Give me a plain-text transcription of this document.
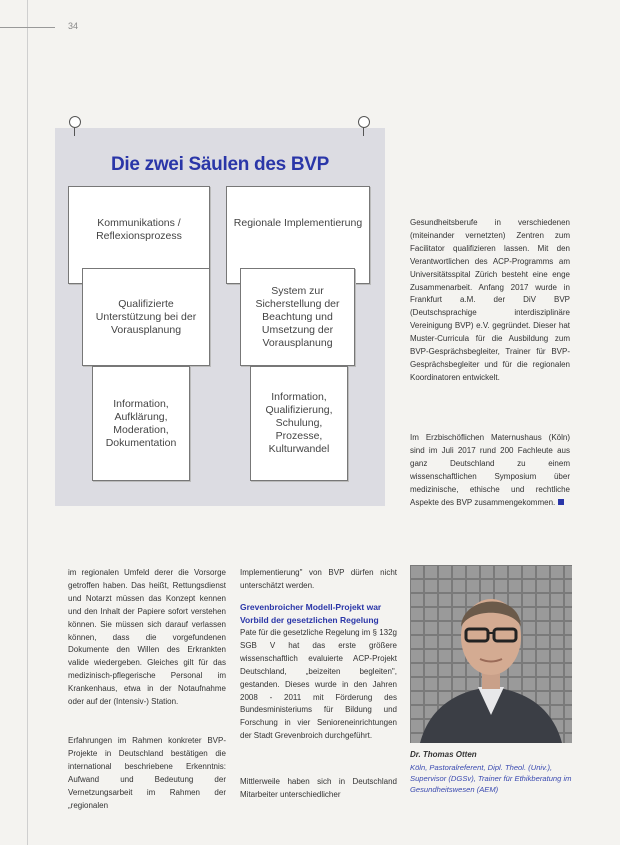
34
Die zwei Säulen des BVP
Kommunikations / Reflexionsprozess
Qualifizierte Unterstützung bei der Vorausplanung
Information, Aufklärung, Moderation, Dokumentation
Regionale Implementierung
System zur Sicherstellung der Beachtung und Umsetzung der Vorausplanung
Information, Qualifizierung, Schulung, Prozesse, Kulturwandel

Gesundheitsberufe in verschiedenen (miteinander vernetzten) Zentren zum Facilitator qualifizieren lassen. Mit den Verantwortlichen des ACP-Programms am Universitätsspital Zürich besteht eine enge Zusammenarbeit. Anfang 2017 wurde in Frankfurt a.M. der DiV BVP (Deutschsprachige interdisziplinäre Vereinigung BVP) e.V. gegründet. Dieser hat Muster-Curricula für die Ausbildung zum BVP-Gesprächsbegleiter, Trainer für BVP-Gesprächsbegleiter und für die regionalen Koordinatoren entwickelt.

Im Erzbischöflichen Maternushaus (Köln) sind im Juli 2017 rund 200 Fachleute aus ganz Deutschland zu einem wissenschaftlichen Symposium über medizinische, ethische und rechtliche Aspekte des BVP zusammengekommen.

im regionalen Umfeld derer die Vorsorge getroffen haben. Das heißt, Rettungsdienst und Notarzt müssen das Konzept kennen und den Inhalt der Papiere sofort verstehen können. Sie müssen sich darauf verlassen können, dass die vorgefundenen Dokumente den Willen des Erkrankten valide wiedergeben. Gleiches gilt für das medizinisch-pflegerische Personal im Krankenhaus, etwa in der Notaufnahme oder auf der (Intensiv-) Station.

Erfahrungen im Rahmen konkreter BVP-Projekte in Deutschland bestätigen die international beschriebene Erkenntnis: Aufwand und Bedeutung der Vernetzungsarbeit im Rahmen der „regionalen

Implementierung" von BVP dürfen nicht unterschätzt werden.

Grevenbroicher Modell-Projekt war Vorbild der gesetzlichen Regelung

Pate für die gesetzliche Regelung im § 132g SGB V hat das erste größere wissenschaftlich evaluierte ACP-Projekt Deutschland, „beizeiten begleiten", gestanden. Dieses wurde in den Jahren 2008 - 2011 mit Förderung des Bundesministeriums für Bildung und Forschung in vier Senioreneinrichtungen der Stadt Grevenbroich durchgeführt.

Mittlerweile haben sich in Deutschland Mitarbeiter unterschiedlicher

Dr. Thomas Otten

Köln, Pastoralreferent, Dipl. Theol. (Univ.), Supervisor (DGSv), Trainer für Ethikberatung im Gesundheitswesen (AEM)
